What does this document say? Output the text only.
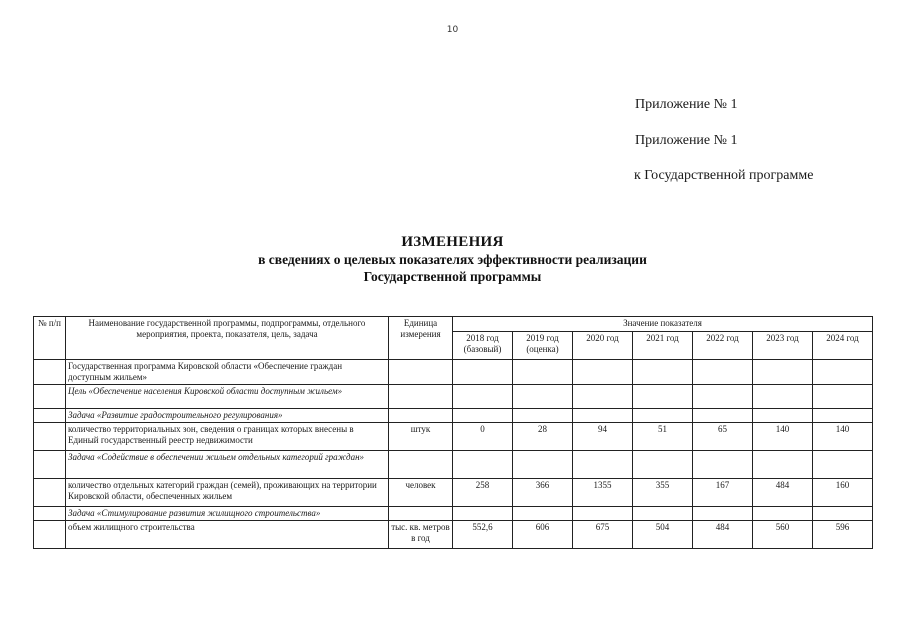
10
Приложение № 1
Приложение № 1
к Государственной программе
ИЗМЕНЕНИЯ
в сведениях о целевых показателях эффективности реализации
Государственной программы
№ п/п	Наименование государственной программы, подпрограммы, отдельного мероприятия, проекта, показателя, цель, задача	Единица измерения	Значение показателя						
			2018 год (базовый)	2019 год (оценка)	2020 год	2021 год	2022 год	2023 год	2024 год
	Государственная программа Кировской области «Обеспечение граждан доступным жильем»								
	Цель «Обеспечение населения Кировской области доступным жильем»								
	Задача «Развитие градостроительного регулирования»								
	количество территориальных зон, сведения о границах которых внесены в Единый государственный реестр недвижимости	штук	0	28	94	51	65	140	140
	Задача «Содействие в обеспечении жильем отдельных категорий граждан»								
	количество отдельных категорий граждан (семей), проживающих на территории Кировской области, обеспеченных жильем	человек	258	366	1355	355	167	484	160
	Задача «Стимулирование развития жилищного строительства»								
	объем жилищного строительства	тыс. кв. метров в год	552,6	606	675	504	484	560	596
